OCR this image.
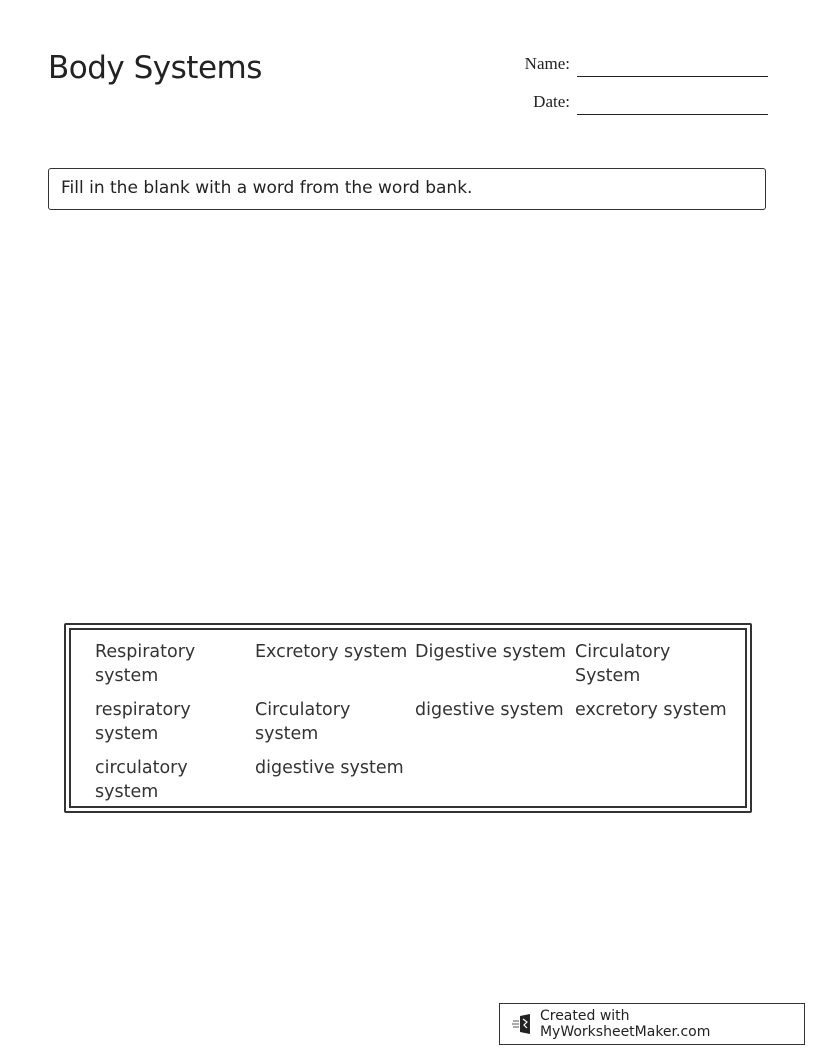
Body Systems	Name:
Date:
Fill in the blank with a word from the word bank.
Respiratory system
Excretory system Digestive system Circulatory System
respiratory system
Circulatory system
digestive system excretory system
circulatory system
digestive system
Created with MyWorksheetMaker.com
